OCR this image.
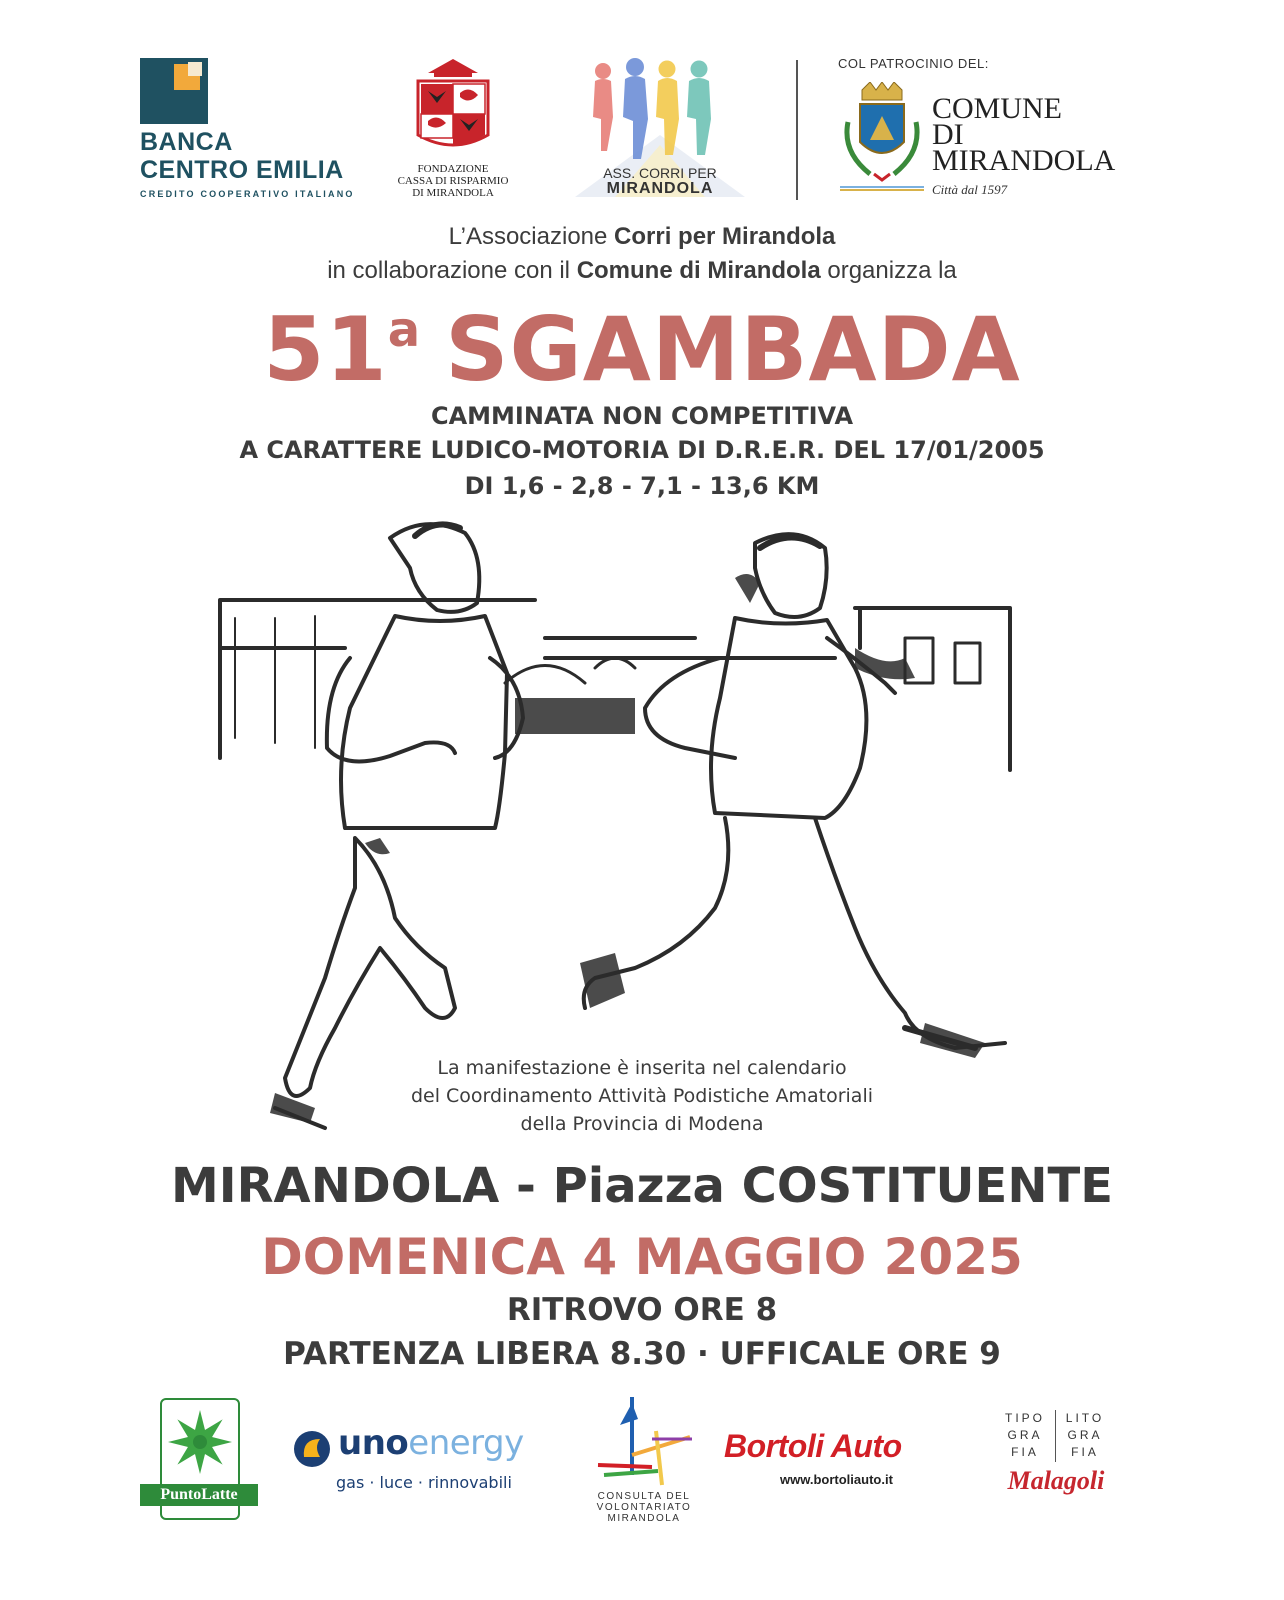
BANCA
CENTRO EMILIA
CREDITO COOPERATIVO ITALIANO
FONDAZIONE
CASSA DI RISPARMIO
DI MIRANDOLA
ASS. CORRI PER
MIRANDOLA
COL PATROCINIO DEL:
COMUNE
DI
MIRANDOLA
Città dal 1597
L’Associazione Corri per Mirandola
in collaborazione con il Comune di Mirandola organizza la
51$^a$ SGAMBADA
CAMMINATA NON COMPETITIVA
A CARATTERE LUDICO-MOTORIA DI D.R.E.R. DEL 17/01/2005
DI 1,6 - 2,8 - 7,1 - 13,6 KM
La manifestazione è inserita nel calendario
del Coordinamento Attività Podistiche Amatoriali
della Provincia di Modena
MIRANDOLA - Piazza COSTITUENTE
DOMENICA 4 MAGGIO 2025
RITROVO ORE 8
PARTENZA LIBERA 8.30 · UFFICALE ORE 9
PuntoLatte
unoenergy
gas · luce · rinnovabili
CONSULTA DEL
VOLONTARIATO
MIRANDOLA
Bortoli Auto
www.bortoliauto.it
TIPO
GRA
FIA
LITO
GRA
FIA
Malagoli
